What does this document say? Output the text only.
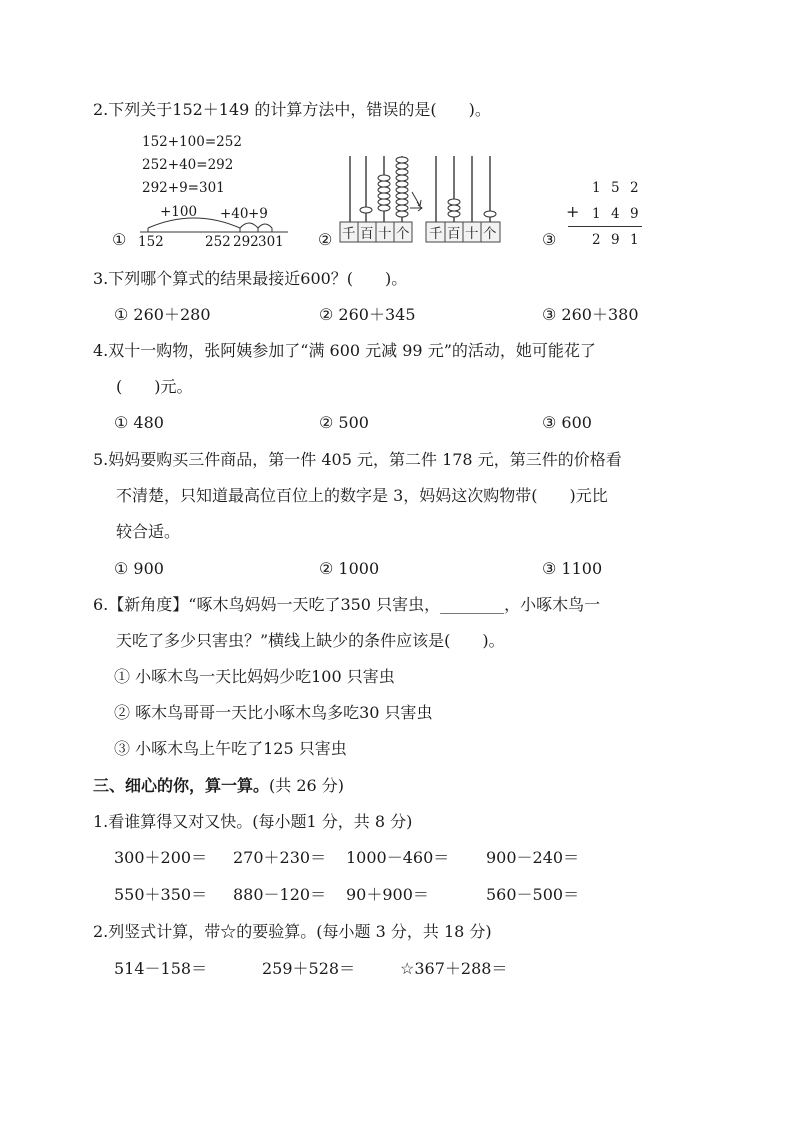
2.下列关于152＋149 的计算方法中，错误的是(　　)。
152+100=252
252+40=292
292+9=301
+100 +40 +9
① 152	252 292 301 ② 千 百 十 个 千 百 十 个	③
1 5 2
+ 1 4 9
2 9 1
3.下列哪个算式的结果最接近600？(　　)。
① 260＋280	② 260＋345	③ 260＋380
4.双十一购物，张阿姨参加了“满 600 元减 99 元”的活动，她可能花了
(　　)元。
① 480	② 500	③ 600
5.妈妈要购买三件商品，第一件 405 元，第二件 178 元，第三件的价格看
不清楚，只知道最高位百位上的数字是 3，妈妈这次购物带(　　)元比
较合适。
① 900	② 1000	③ 1100
6.【新角度】“啄木鸟妈妈一天吃了350 只害虫，________，小啄木鸟一
天吃了多少只害虫？”横线上缺少的条件应该是(　　)。
① 小啄木鸟一天比妈妈少吃100 只害虫
② 啄木鸟哥哥一天比小啄木鸟多吃30 只害虫
③ 小啄木鸟上午吃了125 只害虫
三、细心的你，算一算。(共 26 分)
1.看谁算得又对又快。(每小题1 分，共 8 分)
300＋200＝ 270＋230＝ 1000－460＝ 900－240＝
550＋350＝ 880－120＝ 90＋900＝	560－500＝
2.列竖式计算，带☆的要验算。(每小题 3 分，共 18 分)
514－158＝	259＋528＝	☆367＋288＝
